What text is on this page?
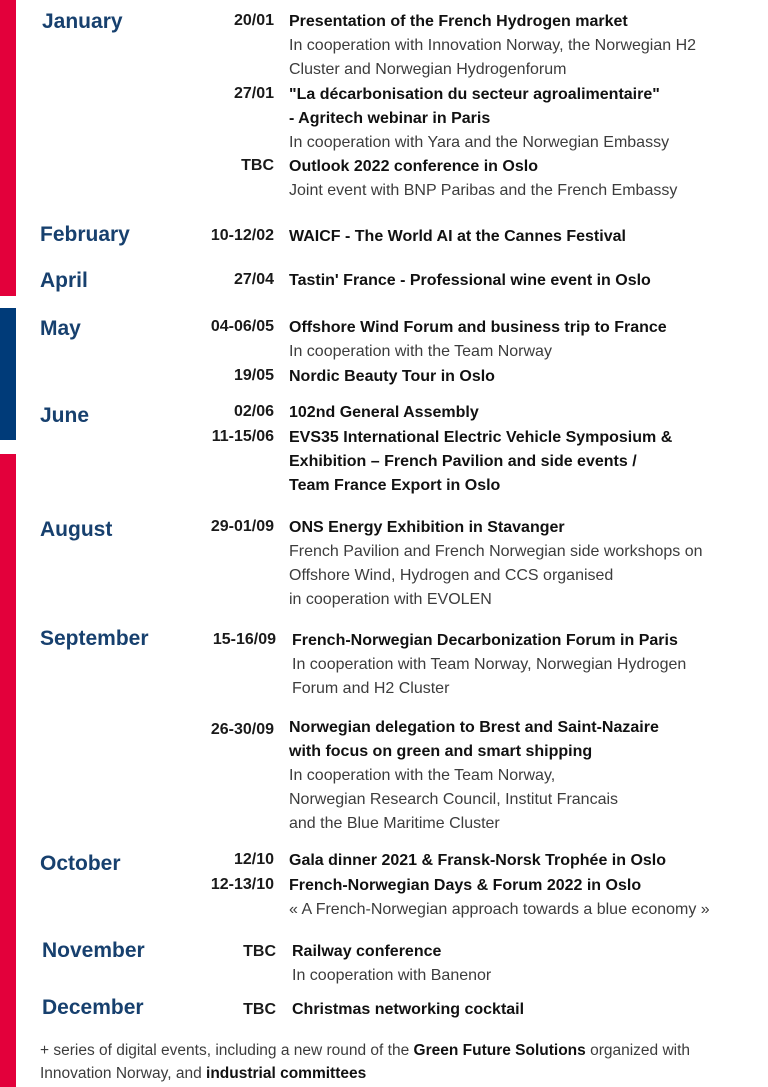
January
February
April
May
June
August
September
October
November
December
20/01 Presentation of the French Hydrogen market
In cooperation with Innovation Norway, the Norwegian H2
Cluster and Norwegian Hydrogenforum
27/01 "La décarbonisation du secteur agroalimentaire"
- Agritech webinar in Paris
In cooperation with Yara and the Norwegian Embassy
TBC Outlook 2022 conference in Oslo
Joint event with BNP Paribas and the French Embassy
10-12/02 WAICF - The World AI at the Cannes Festival
27/04 Tastin' France - Professional wine event in Oslo
04-06/05 Offshore Wind Forum and business trip to France
In cooperation with the Team Norway
19/05 Nordic Beauty Tour in Oslo
02/06 102nd General Assembly
11-15/06 EVS35 International Electric Vehicle Symposium &
Exhibition – French Pavilion and side events /
Team France Export in Oslo
29-01/09 ONS Energy Exhibition in Stavanger
French Pavilion and French Norwegian side workshops on
Offshore Wind, Hydrogen and CCS organised
in cooperation with EVOLEN
15-16/09 French-Norwegian Decarbonization Forum in Paris
In cooperation with Team Norway, Norwegian Hydrogen
Forum and H2 Cluster
26-30/09 Norwegian delegation to Brest and Saint-Nazaire
with focus on green and smart shipping
In cooperation with the Team Norway,
Norwegian Research Council, Institut Francais
and the Blue Maritime Cluster
12/10 Gala dinner 2021 & Fransk-Norsk Trophée in Oslo
12-13/10 French-Norwegian Days & Forum 2022 in Oslo
« A French-Norwegian approach towards a blue economy »
TBC Railway conference
In cooperation with Banenor
TBC Christmas networking cocktail
+ series of digital events, including a new round of the Green Future Solutions organized with Innovation Norway, and industrial committees
